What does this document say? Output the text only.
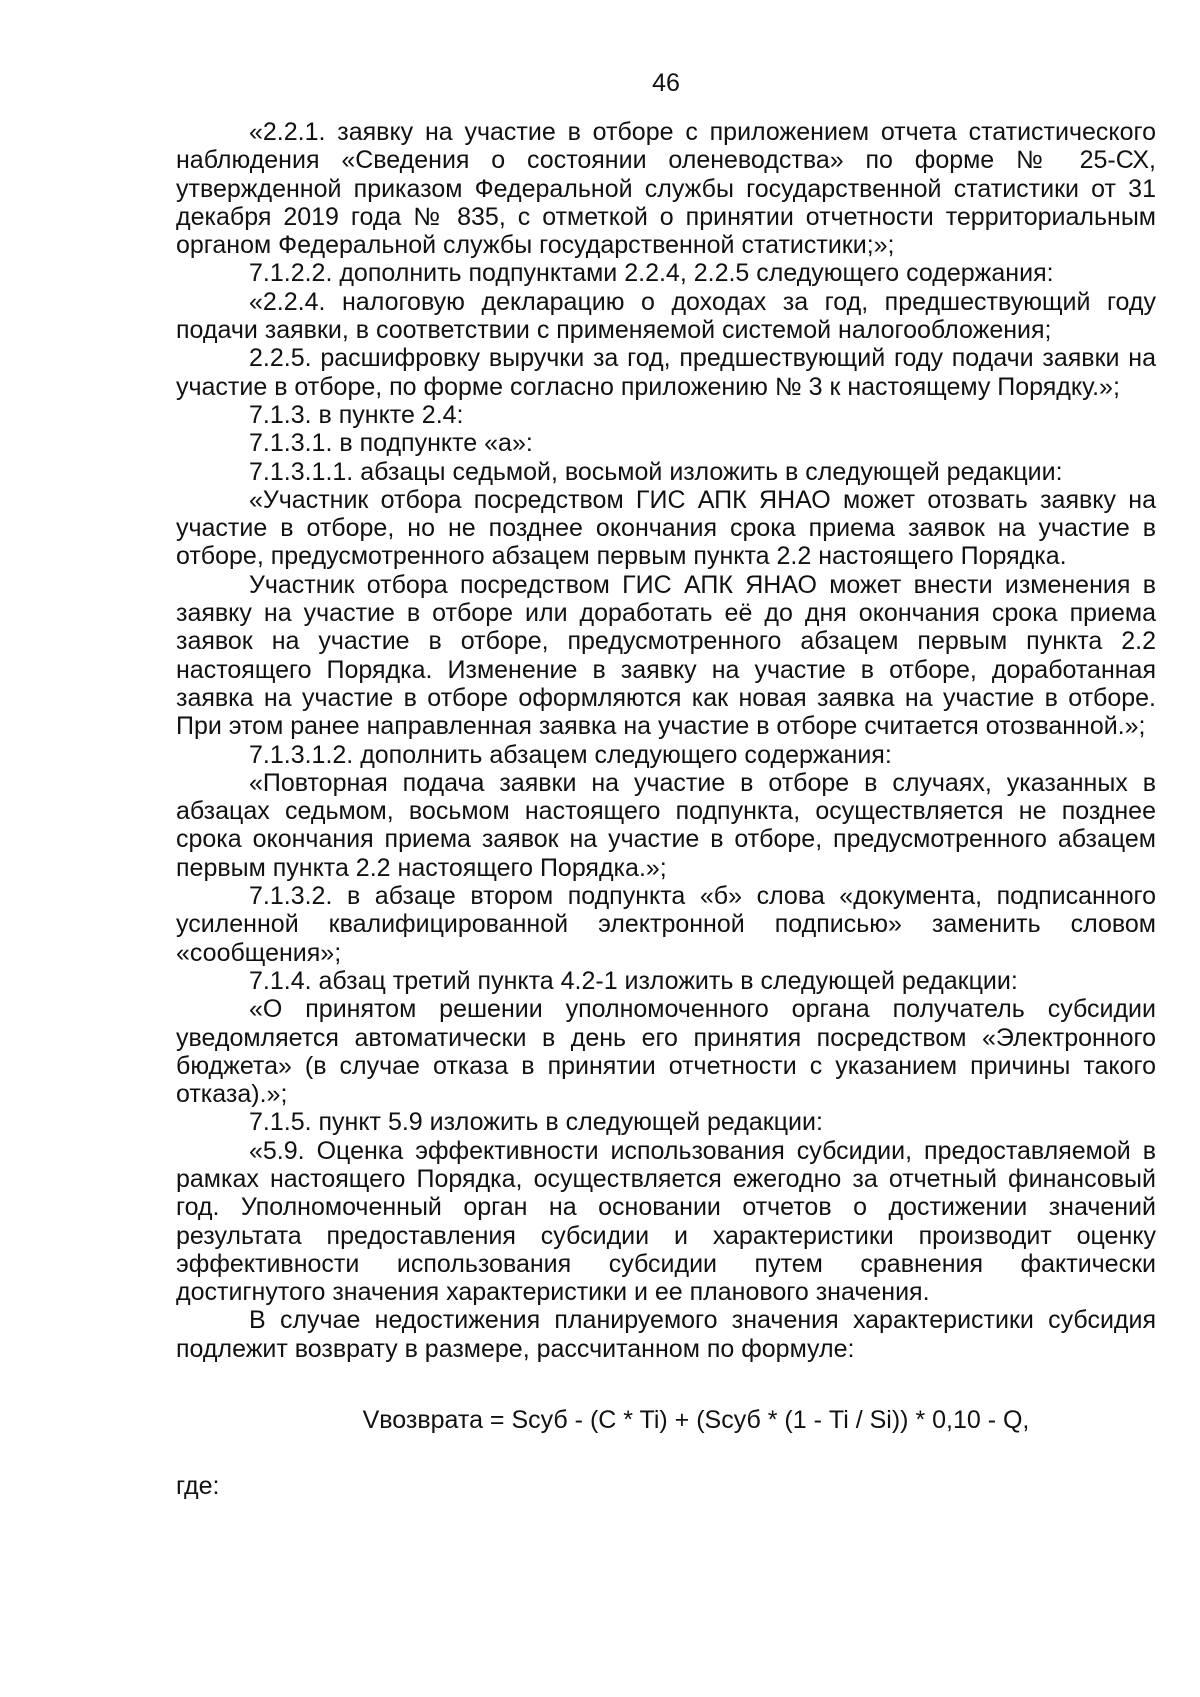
46

«2.2.1. заявку на участие в отборе с приложением отчета статистического наблюдения «Сведения о состоянии оленеводства» по форме № 25-СХ, утвержденной приказом Федеральной службы государственной статистики от 31 декабря 2019 года № 835, с отметкой о принятии отчетности территориальным органом Федеральной службы государственной статистики;»;

7.1.2.2. дополнить подпунктами 2.2.4, 2.2.5 следующего содержания:

«2.2.4. налоговую декларацию о доходах за год, предшествующий году подачи заявки, в соответствии с применяемой системой налогообложения;

2.2.5. расшифровку выручки за год, предшествующий году подачи заявки на участие в отборе, по форме согласно приложению № 3 к настоящему Порядку.»;

7.1.3. в пункте 2.4:

7.1.3.1. в подпункте «а»:

7.1.3.1.1. абзацы седьмой, восьмой изложить в следующей редакции:

«Участник отбора посредством ГИС АПК ЯНАО может отозвать заявку на участие в отборе, но не позднее окончания срока приема заявок на участие в отборе, предусмотренного абзацем первым пункта 2.2 настоящего Порядка.

Участник отбора посредством ГИС АПК ЯНАО может внести изменения в заявку на участие в отборе или доработать её до дня окончания срока приема заявок на участие в отборе, предусмотренного абзацем первым пункта 2.2 настоящего Порядка. Изменение в заявку на участие в отборе, доработанная заявка на участие в отборе оформляются как новая заявка на участие в отборе. При этом ранее направленная заявка на участие в отборе считается отозванной.»;

7.1.3.1.2. дополнить абзацем следующего содержания:

«Повторная подача заявки на участие в отборе в случаях, указанных в абзацах седьмом, восьмом настоящего подпункта, осуществляется не позднее срока окончания приема заявок на участие в отборе, предусмотренного абзацем первым пункта 2.2 настоящего Порядка.»;

7.1.3.2. в абзаце втором подпункта «б» слова «документа, подписанного усиленной квалифицированной электронной подписью» заменить словом «сообщения»;

7.1.4. абзац третий пункта 4.2-1 изложить в следующей редакции:

«О принятом решении уполномоченного органа получатель субсидии уведомляется автоматически в день его принятия посредством «Электронного бюджета» (в случае отказа в принятии отчетности с указанием причины такого отказа).»;

7.1.5. пункт 5.9 изложить в следующей редакции:

«5.9. Оценка эффективности использования субсидии, предоставляемой в рамках настоящего Порядка, осуществляется ежегодно за отчетный финансовый год. Уполномоченный орган на основании отчетов о достижении значений результата предоставления субсидии и характеристики производит оценку эффективности использования субсидии путем сравнения фактически достигнутого значения характеристики и ее планового значения.

В случае недостижения планируемого значения характеристики субсидия подлежит возврату в размере, рассчитанном по формуле:

Vвозврата = Sсуб - (C * Ti) + (Sсуб * (1 - Ti / Si)) * 0,10 - Q,
где:
